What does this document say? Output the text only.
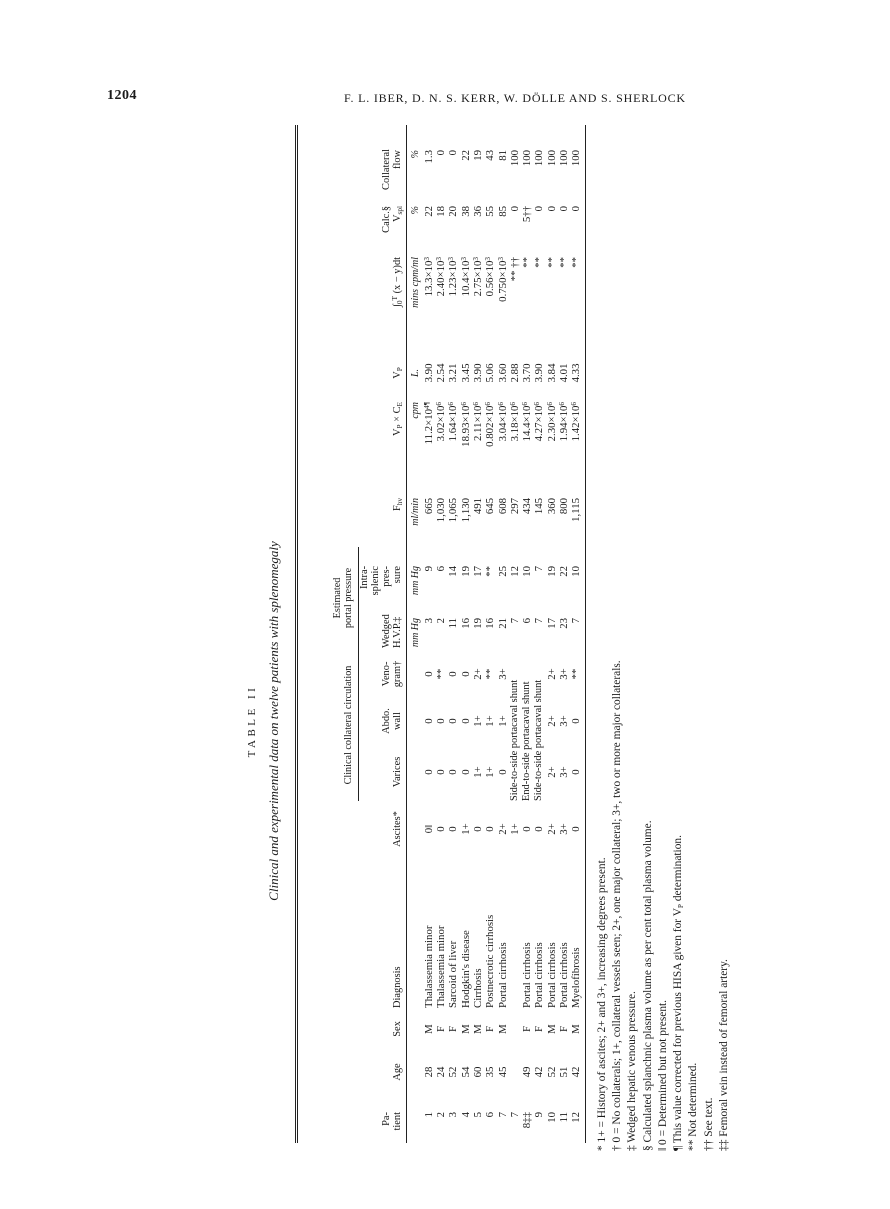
1204	F. L. IBER, D. N. S. KERR, W. DÖLLE AND S. SHERLOCK
TABLE II Clinical and experimental data on twelve patients with splenomegaly
Pa-
tient	Age	Sex	Diagnosis	Ascites*	Clinical collateral circulation			Estimated
portal pressure		$F_{hv}$	$V_P \times C_E$	$V_P$	$\int_0^T$ (x − y)dt	Calc.§
$V_{spl}$	Collateral
flow
					Varices	Abdo.
wall	Veno-
gram†	Wedged
H.V.P.‡	Intra-
splenic
pres-
sure						
								mm Hg	mm Hg	ml/min	cpm	L.	mins cpm/ml	%	%
1	28	M	Thalassemia minor	0‖	0	0	0	3	9	665	$11.2\times 10^{4\P}$	3.90	$13.3\times 10^3$	22	1.3
2	24	F	Thalassemia minor	0	0	0	**	2	6	1,030	$3.02\times 10^6$	2.54	$2.40\times 10^3$	18	0
3	52	F	Sarcoid of liver	0	0	0	0	11	14	1,065	$1.64\times 10^6$	3.21	$1.23\times 10^3$	20	0
4	54	M	Hodgkin's disease	1+	0	0	0	16	19	1,130	$18.93\times 10^6$	3.45	$10.4\times 10^3$	38	22
5	60	M	Cirrhosis	0	1+	1+	2+	19	17	491	$2.11\times 10^6$	3.90	$2.75\times 10^3$	36	19
6	35	F	Postnecrotic cirrhosis	0	1+	1+	**	16	**	645	$0.802\times 10^6$	5.06	$0.56\times 10^3$	55	43
7	45	M	Portal cirrhosis	2+	0	1+	3+	21	25	608	$3.04\times 10^6$	3.60	$0.750\times 10^3$	85	81
7				1+	Side-to-side portacaval shunt			7	12	297	$3.18\times 10^6$	2.88	** ††	0	100
8‡‡	49	F	Portal cirrhosis	0	End-to-side portacaval shunt			6	10	434	$14.4\times 10^6$	3.70	**	5††	100
9	42	F	Portal cirrhosis	0	Side-to-side portacaval shunt			7	7	145	$4.27\times 10^6$	3.90	**	0	100
10	52	M	Portal cirrhosis	2+	2+	2+	2+	17	19	360	$2.30\times 10^6$	3.84	**	0	100
11	51	F	Portal cirrhosis	3+	3+	3+	3+	23	22	800	$1.94\times 10^6$	4.01	**	0	100
12	42	M	Myelofibrosis	0	0	0	**	7	10	1,115	$1.42\times 10^6$	4.33	**	0	100
* 1+ = History of ascites; 2+ and 3+, increasing degrees present. † 0 = No collaterals; 1+, collateral vessels seen; 2+, one major collateral; 3+, two or more major collaterals. ‡ Wedged hepatic venous pressure. § Calculated splanchnic plasma volume as per cent total plasma volume. ‖ 0 = Determined but not present. ¶ This value corrected for previous HISA given for $V_P$ determination.
** Not determined. †† See text. ‡‡ Femoral vein instead of femoral artery.
